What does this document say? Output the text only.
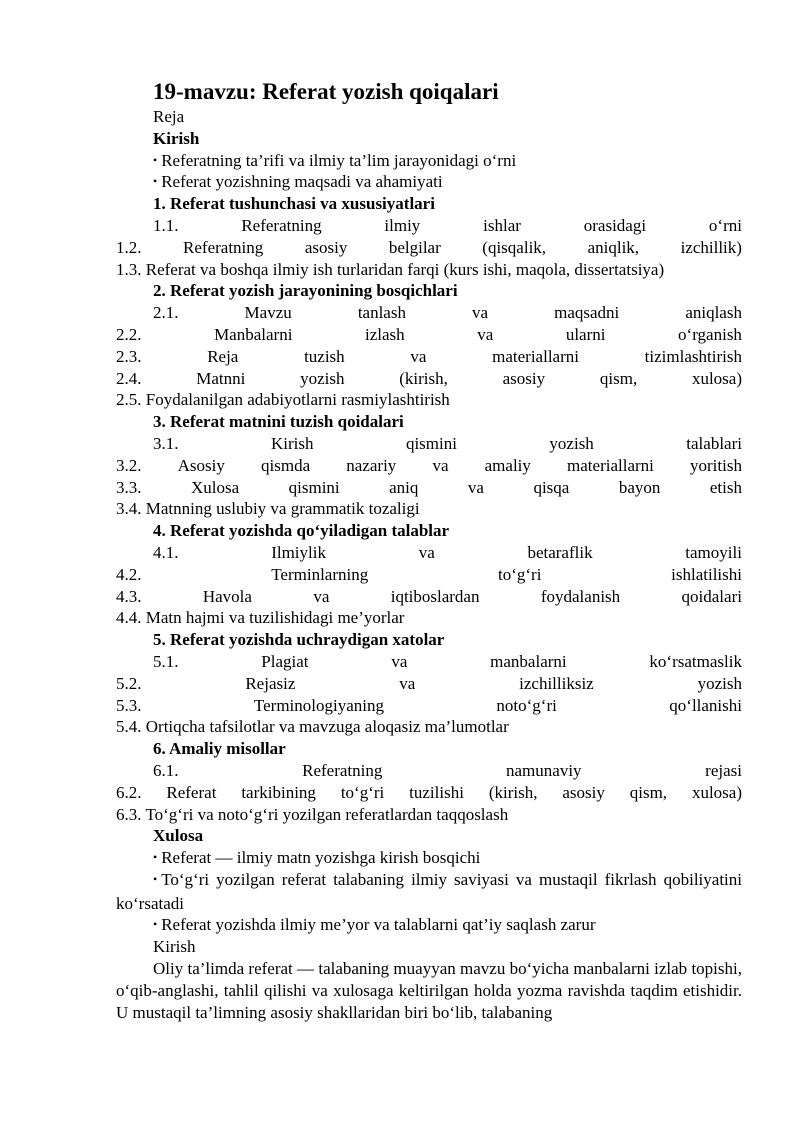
19-mavzu: Referat yozish qoiqalari
Reja
Kirish
• Referatning ta’rifi va ilmiy ta’lim jarayonidagi o‘rni
• Referat yozishning maqsadi va ahamiyati
1. Referat tushunchasi va xususiyatlari
1.1.	Referatning	ilmiy	ishlar	orasidagi	o‘rni
1.2. Referatning asosiy belgilar (qisqalik, aniqlik, izchillik)
1.3. Referat va boshqa ilmiy ish turlaridan farqi (kurs ishi, maqola, dissertatsiya)
2. Referat yozish jarayonining bosqichlari
2.1.	Mavzu	tanlash	va	maqsadni	aniqlash
2.2.	Manbalarni	izlash	va	ularni	o‘rganish
2.3.	Reja	tuzish	va	materiallarni	tizimlashtirish
2.4.	Matnni	yozish	(kirish,	asosiy	qism,	xulosa)
2.5. Foydalanilgan adabiyotlarni rasmiylashtirish
3. Referat matnini tuzish qoidalari
3.1.	Kirish	qismini	yozish	talablari
3.2. Asosiy qismda nazariy va amaliy materiallarni yoritish
3.3.	Xulosa	qismini	aniq	va	qisqa	bayon	etish
3.4. Matnning uslubiy va grammatik tozaligi
4. Referat yozishda qo‘yiladigan talablar
4.1.	Ilmiylik	va	betaraflik	tamoyili
4.2.	Terminlarning	to‘g‘ri	ishlatilishi
4.3.	Havola	va	iqtiboslardan	foydalanish	qoidalari
4.4. Matn hajmi va tuzilishidagi me’yorlar
5. Referat yozishda uchraydigan xatolar
5.1.	Plagiat	va	manbalarni	ko‘rsatmaslik
5.2.	Rejasiz	va	izchilliksiz	yozish
5.3.	Terminologiyaning	noto‘g‘ri	qo‘llanishi
5.4. Ortiqcha tafsilotlar va mavzuga aloqasiz ma’lumotlar
6. Amaliy misollar
6.1.	Referatning	namunaviy	rejasi
6.2. Referat tarkibining to‘g‘ri tuzilishi (kirish, asosiy qism, xulosa)
6.3. To‘g‘ri va noto‘g‘ri yozilgan referatlardan taqqoslash
Xulosa
• Referat — ilmiy matn yozishga kirish bosqichi
• To‘g‘ri yozilgan referat talabaning ilmiy saviyasi va mustaqil fikrlash qobiliyatini ko‘rsatadi
• Referat yozishda ilmiy me’yor va talablarni qat’iy saqlash zarur
Kirish
Oliy ta’limda referat — talabaning muayyan mavzu bo‘yicha manbalarni izlab topishi, o‘qib-anglashi, tahlil qilishi va xulosaga keltirilgan holda yozma ravishda taqdim etishidir. U mustaqil ta’limning asosiy shakllaridan biri bo‘lib, talabaning
